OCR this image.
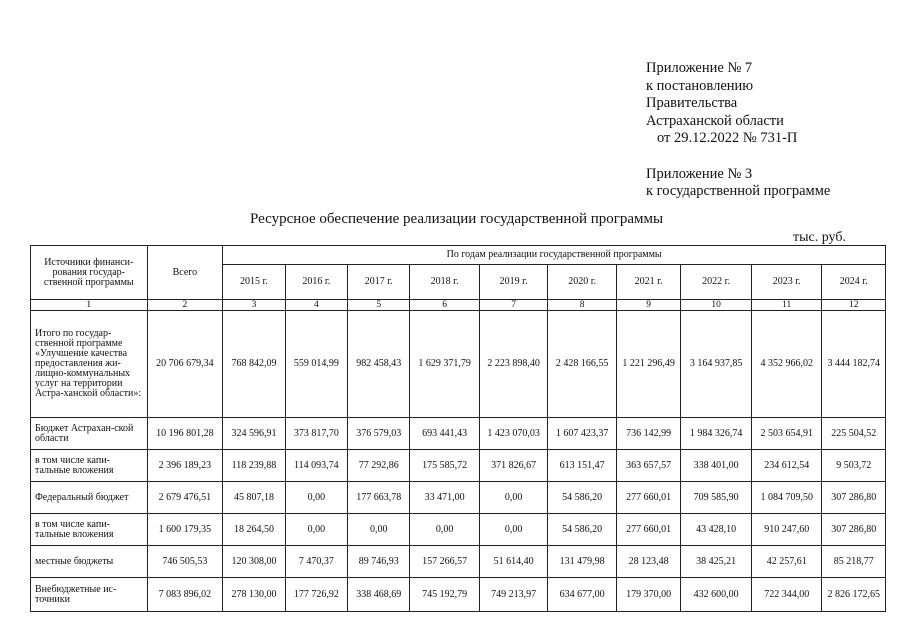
Приложение № 7
к постановлению
Правительства
Астраханской области
от 29.12.2022 № 731-П
Приложение № 3
к государственной программе
Ресурсное обеспечение реализации государственной программы
тыс. руб.
Источники финанси-рования государ-ственной программы	Всего	По годам реализации государственной программы									
		2015 г.	2016 г.	2017 г.	2018 г.	2019 г.	2020 г.	2021 г.	2022 г.	2023 г.	2024 г.
1	2	3	4	5	6	7	8	9	10	11	12
Итого по государ-ственной программе «Улучшение качества предоставления жи-лищно-коммунальных услуг на территории Астра-ханской области»:	20 706 679,34	768 842,09	559 014,99	982 458,43	1 629 371,79	2 223 898,40	2 428 166,55	1 221 296,49	3 164 937,85	4 352 966,02	3 444 182,74
Бюджет Астрахан-ской области	10 196 801,28	324 596,91	373 817,70	376 579,03	693 441,43	1 423 070,03	1 607 423,37	736 142,99	1 984 326,74	2 503 654,91	225 504,52
в том числе капи-тальные вложения	2 396 189,23	118 239,88	114 093,74	77 292,86	175 585,72	371 826,67	613 151,47	363 657,57	338 401,00	234 612,54	9 503,72
Федеральный бюджет	2 679 476,51	45 807,18	0,00	177 663,78	33 471,00	0,00	54 586,20	277 660,01	709 585,90	1 084 709,50	307 286,80
в том числе капи-тальные вложения	1 600 179,35	18 264,50	0,00	0,00	0,00	0,00	54 586,20	277 660,01	43 428,10	910 247,60	307 286,80
местные бюджеты	746 505,53	120 308,00	7 470,37	89 746,93	157 266,57	51 614,40	131 479,98	28 123,48	38 425,21	42 257,61	85 218,77
Внебюджетные ис-точники	7 083 896,02	278 130,00	177 726,92	338 468,69	745 192,79	749 213,97	634 677,00	179 370,00	432 600,00	722 344,00	2 826 172,65
